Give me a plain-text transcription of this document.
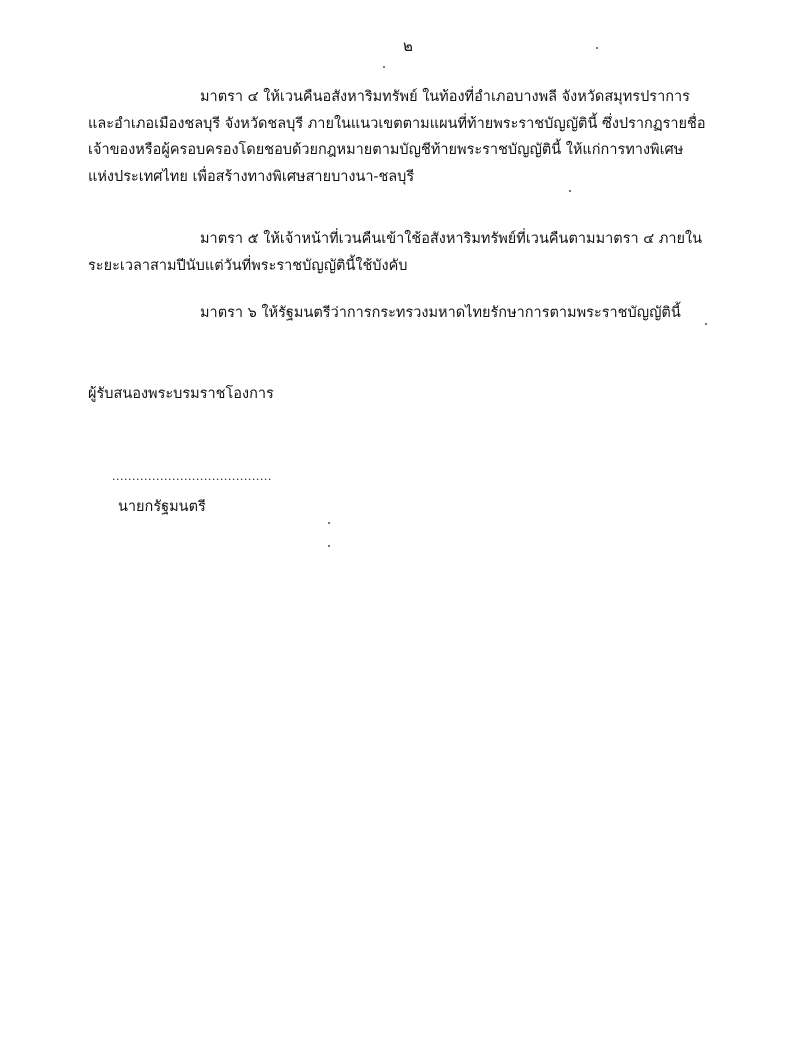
๒
มาตรา ๔ ให้เวนคืนอสังหาริมทรัพย์ ในท้องที่อำเภอบางพลี จังหวัดสมุทรปราการ
และอำเภอเมืองชลบุรี จังหวัดชลบุรี ภายในแนวเขตตามแผนที่ท้ายพระราชบัญญัตินี้ ซึ่งปรากฏรายชื่อ
เจ้าของหรือผู้ครอบครองโดยชอบด้วยกฎหมายตามบัญชีท้ายพระราชบัญญัตินี้ ให้แก่การทางพิเศษ
แห่งประเทศไทย เพื่อสร้างทางพิเศษสายบางนา-ชลบุรี
มาตรา ๕ ให้เจ้าหน้าที่เวนคืนเข้าใช้อสังหาริมทรัพย์ที่เวนคืนตามมาตรา ๔ ภายใน
ระยะเวลาสามปีนับแต่วันที่พระราชบัญญัตินี้ใช้บังคับ
มาตรา ๖ ให้รัฐมนตรีว่าการกระทรวงมหาดไทยรักษาการตามพระราชบัญญัตินี้
ผู้รับสนองพระบรมราชโองการ
........................................
นายกรัฐมนตรี
